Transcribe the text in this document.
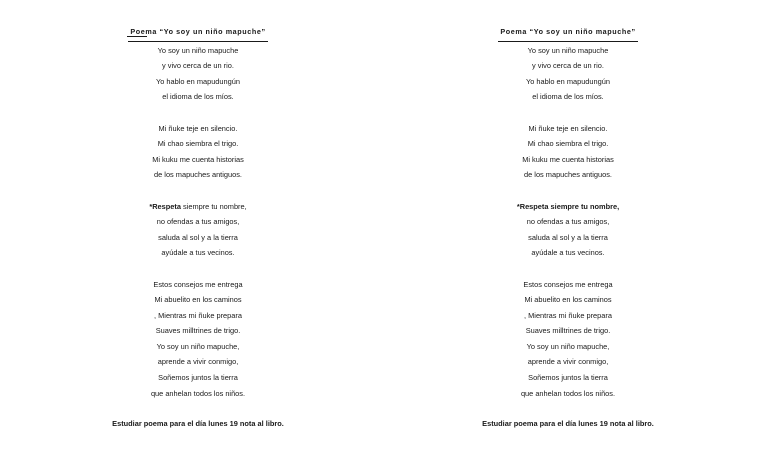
Poema “Yo soy un niño mapuche”
Yo soy un niño mapuche
y vivo cerca de un rio.
Yo hablo en mapudungún
el idioma de los míos.
Mi ñuke teje en silencio.
Mi chao siembra el trigo.
Mi kuku me cuenta historias
de los mapuches antiguos.
*Respeta siempre tu nombre,
no ofendas a tus amigos,
saluda al sol y a la tierra
ayúdale a tus vecinos.
Estos consejos me entrega
Mi abuelito en los caminos
, Mientras mi ñuke prepara
Suaves milltrines de trigo.
Yo soy un niño mapuche,
aprende a vivir conmigo,
Soñemos juntos la tierra
que anhelan todos los niños.
Estudiar poema para el día lunes 19 nota al libro.
Poema “Yo soy un niño mapuche”
Yo soy un niño mapuche
y vivo cerca de un rio.
Yo hablo en mapudungún
el idioma de los míos.
Mi ñuke teje en silencio.
Mi chao siembra el trigo.
Mi kuku me cuenta historias
de los mapuches antiguos.
*Respeta siempre tu nombre,
no ofendas a tus amigos,
saluda al sol y a la tierra
ayúdale a tus vecinos.
Estos consejos me entrega
Mi abuelito en los caminos
, Mientras mi ñuke prepara
Suaves milltrines de trigo.
Yo soy un niño mapuche,
aprende a vivir conmigo,
Soñemos juntos la tierra
que anhelan todos los niños.
Estudiar poema para el día lunes 19 nota al libro.
